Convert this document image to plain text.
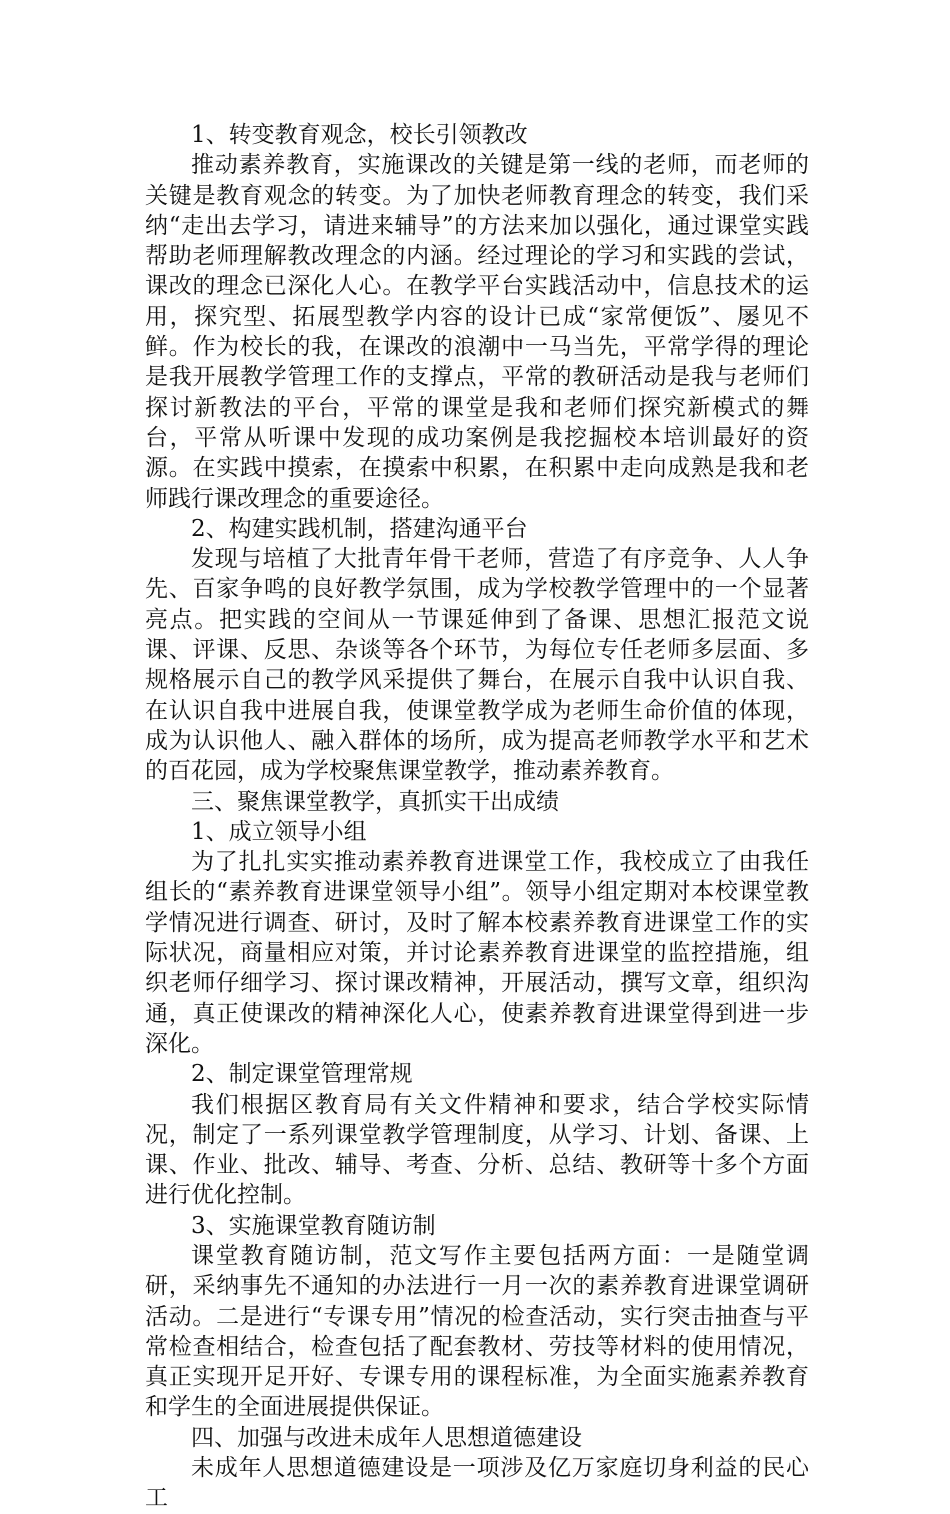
1、转变教育观念，校长引领教改

推动素养教育，实施课改的关键是第一线的老师，而老师的关键是教育观念的转变。为了加快老师教育理念的转变，我们采纳“走出去学习，请进来辅导”的方法来加以强化，通过课堂实践帮助老师理解教改理念的内涵。经过理论的学习和实践的尝试，课改的理念已深化人心。在教学平台实践活动中，信息技术的运用，探究型、拓展型教学内容的设计已成“家常便饭”、屡见不鲜。作为校长的我，在课改的浪潮中一马当先，平常学得的理论是我开展教学管理工作的支撑点，平常的教研活动是我与老师们探讨新教法的平台，平常的课堂是我和老师们探究新模式的舞台，平常从听课中发现的成功案例是我挖掘校本培训最好的资源。在实践中摸索，在摸索中积累，在积累中走向成熟是我和老师践行课改理念的重要途径。

2、构建实践机制，搭建沟通平台

发现与培植了大批青年骨干老师，营造了有序竞争、人人争先、百家争鸣的良好教学氛围，成为学校教学管理中的一个显著亮点。把实践的空间从一节课延伸到了备课、思想汇报范文说课、评课、反思、杂谈等各个环节，为每位专任老师多层面、多规格展示自己的教学风采提供了舞台，在展示自我中认识自我、在认识自我中进展自我，使课堂教学成为老师生命价值的体现，成为认识他人、融入群体的场所，成为提高老师教学水平和艺术的百花园，成为学校聚焦课堂教学，推动素养教育。

三、聚焦课堂教学，真抓实干出成绩

1、成立领导小组

为了扎扎实实推动素养教育进课堂工作，我校成立了由我任组长的“素养教育进课堂领导小组”。领导小组定期对本校课堂教学情况进行调查、研讨，及时了解本校素养教育进课堂工作的实际状况，商量相应对策，并讨论素养教育进课堂的监控措施，组织老师仔细学习、探讨课改精神，开展活动，撰写文章，组织沟通，真正使课改的精神深化人心，使素养教育进课堂得到进一步深化。

2、制定课堂管理常规

我们根据区教育局有关文件精神和要求，结合学校实际情况，制定了一系列课堂教学管理制度，从学习、计划、备课、上课、作业、批改、辅导、考查、分析、总结、教研等十多个方面进行优化控制。

3、实施课堂教育随访制

课堂教育随访制，范文写作主要包括两方面：一是随堂调研，采纳事先不通知的办法进行一月一次的素养教育进课堂调研活动。二是进行“专课专用”情况的检查活动，实行突击抽查与平常检查相结合，检查包括了配套教材、劳技等材料的使用情况，真正实现开足开好、专课专用的课程标准，为全面实施素养教育和学生的全面进展提供保证。

四、加强与改进未成年人思想道德建设

未成年人思想道德建设是一项涉及亿万家庭切身利益的民心工
